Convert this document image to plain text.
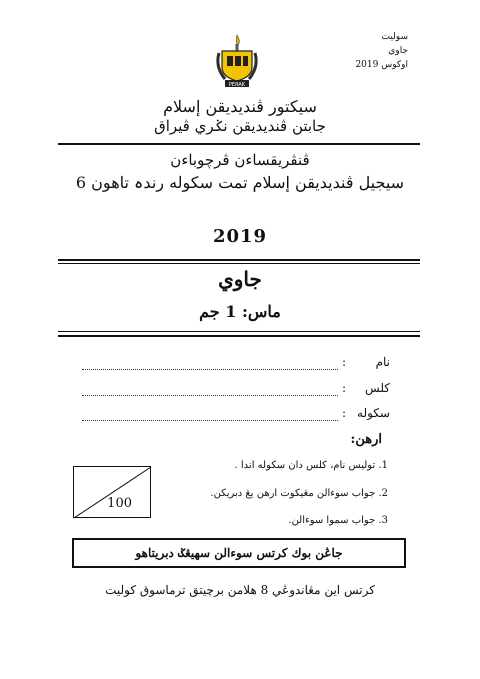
سوليت
جاوي
اوكوس 2019
PERAK
سيكتور ڤنديديقن إسلام
جابتن ڤنديديقن نݢري ڤيراق
ڤنڤريقساءن ڤرچوباءن
سيجيل ڤنديديقن إسلام تمت سكوله رندہ تاهون 6
2019
جاوي
ماس: 1 جم
نام
:
كلس
:
سكوله
:
ارهن:
1. توليس نام، كلس دان سكوله اندا .
2. جواب سوءالن مڠيكوت ارهن يڠ دبريكن.
3. جواب سموا سوءالن.
100
جاڠن بوك كرتس سوءالن سهيڠݢ دبريتاهو
كرتس اين مڠاندوڠي 8 هلامن برچيتق ترماسوق كوليت
